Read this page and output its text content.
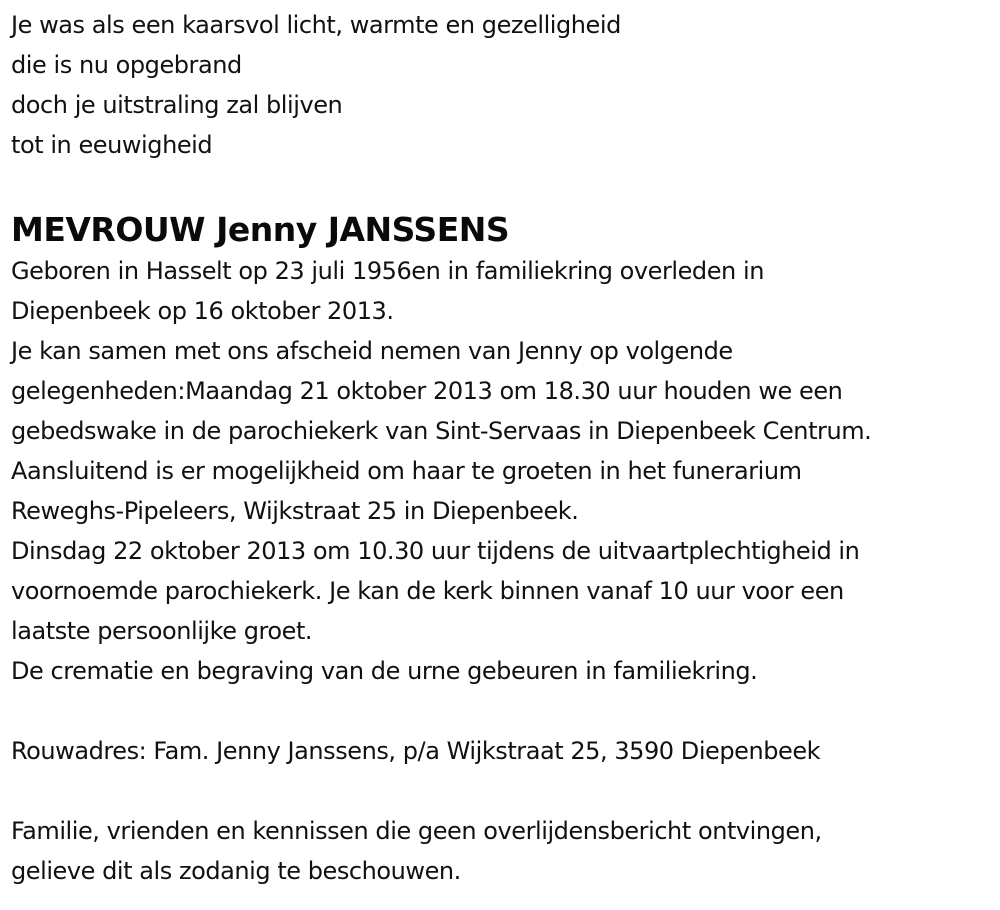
Je was als een kaarsvol licht, warmte en gezelligheid
die is nu opgebrand
doch je uitstraling zal blijven
tot in eeuwigheid
MEVROUW Jenny JANSSENS
Geboren in Hasselt op 23 juli 1956en in familiekring overleden in
Diepenbeek op 16 oktober 2013.
Je kan samen met ons afscheid nemen van Jenny op volgende
gelegenheden:Maandag 21 oktober 2013 om 18.30 uur houden we een
gebedswake in de parochiekerk van Sint-Servaas in Diepenbeek Centrum.
Aansluitend is er mogelijkheid om haar te groeten in het funerarium
Reweghs-Pipeleers, Wijkstraat 25 in Diepenbeek.
Dinsdag 22 oktober 2013 om 10.30 uur tijdens de uitvaartplechtigheid in
voornoemde parochiekerk. Je kan de kerk binnen vanaf 10 uur voor een
laatste persoonlijke groet.
De crematie en begraving van de urne gebeuren in familiekring.
Rouwadres: Fam. Jenny Janssens, p/a Wijkstraat 25, 3590 Diepenbeek
Familie, vrienden en kennissen die geen overlijdensbericht ontvingen,
gelieve dit als zodanig te beschouwen.
